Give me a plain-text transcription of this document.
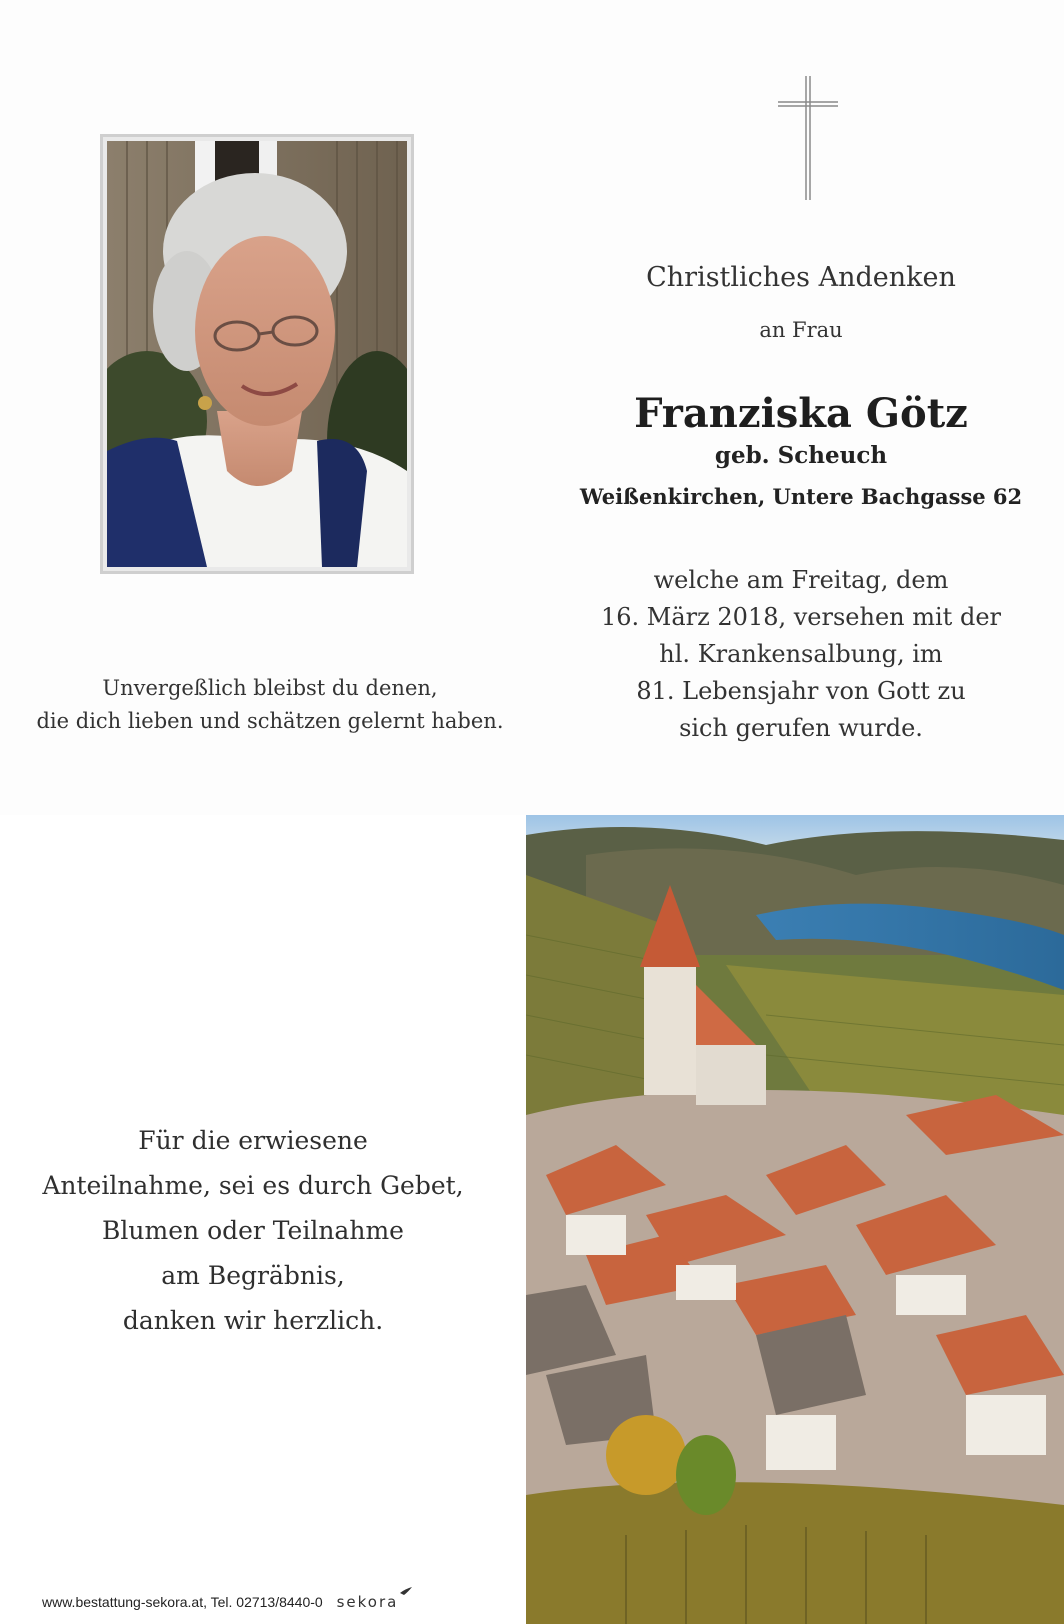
Unvergeßlich bleibst du denen,
die dich lieben und schätzen gelernt haben.
Christliches Andenken
an Frau
Franziska Götz
geb. Scheuch
Weißenkirchen, Untere Bachgasse 62
welche am Freitag, dem
16. März 2018, versehen mit der
hl. Krankensalbung, im
81. Lebensjahr von Gott zu
sich gerufen wurde.
Für die erwiesene
Anteilnahme, sei es durch Gebet,
Blumen oder Teilnahme
am Begräbnis,
danken wir herzlich.
www.bestattung-sekora.at, Tel. 02713/8440-0 sekora
